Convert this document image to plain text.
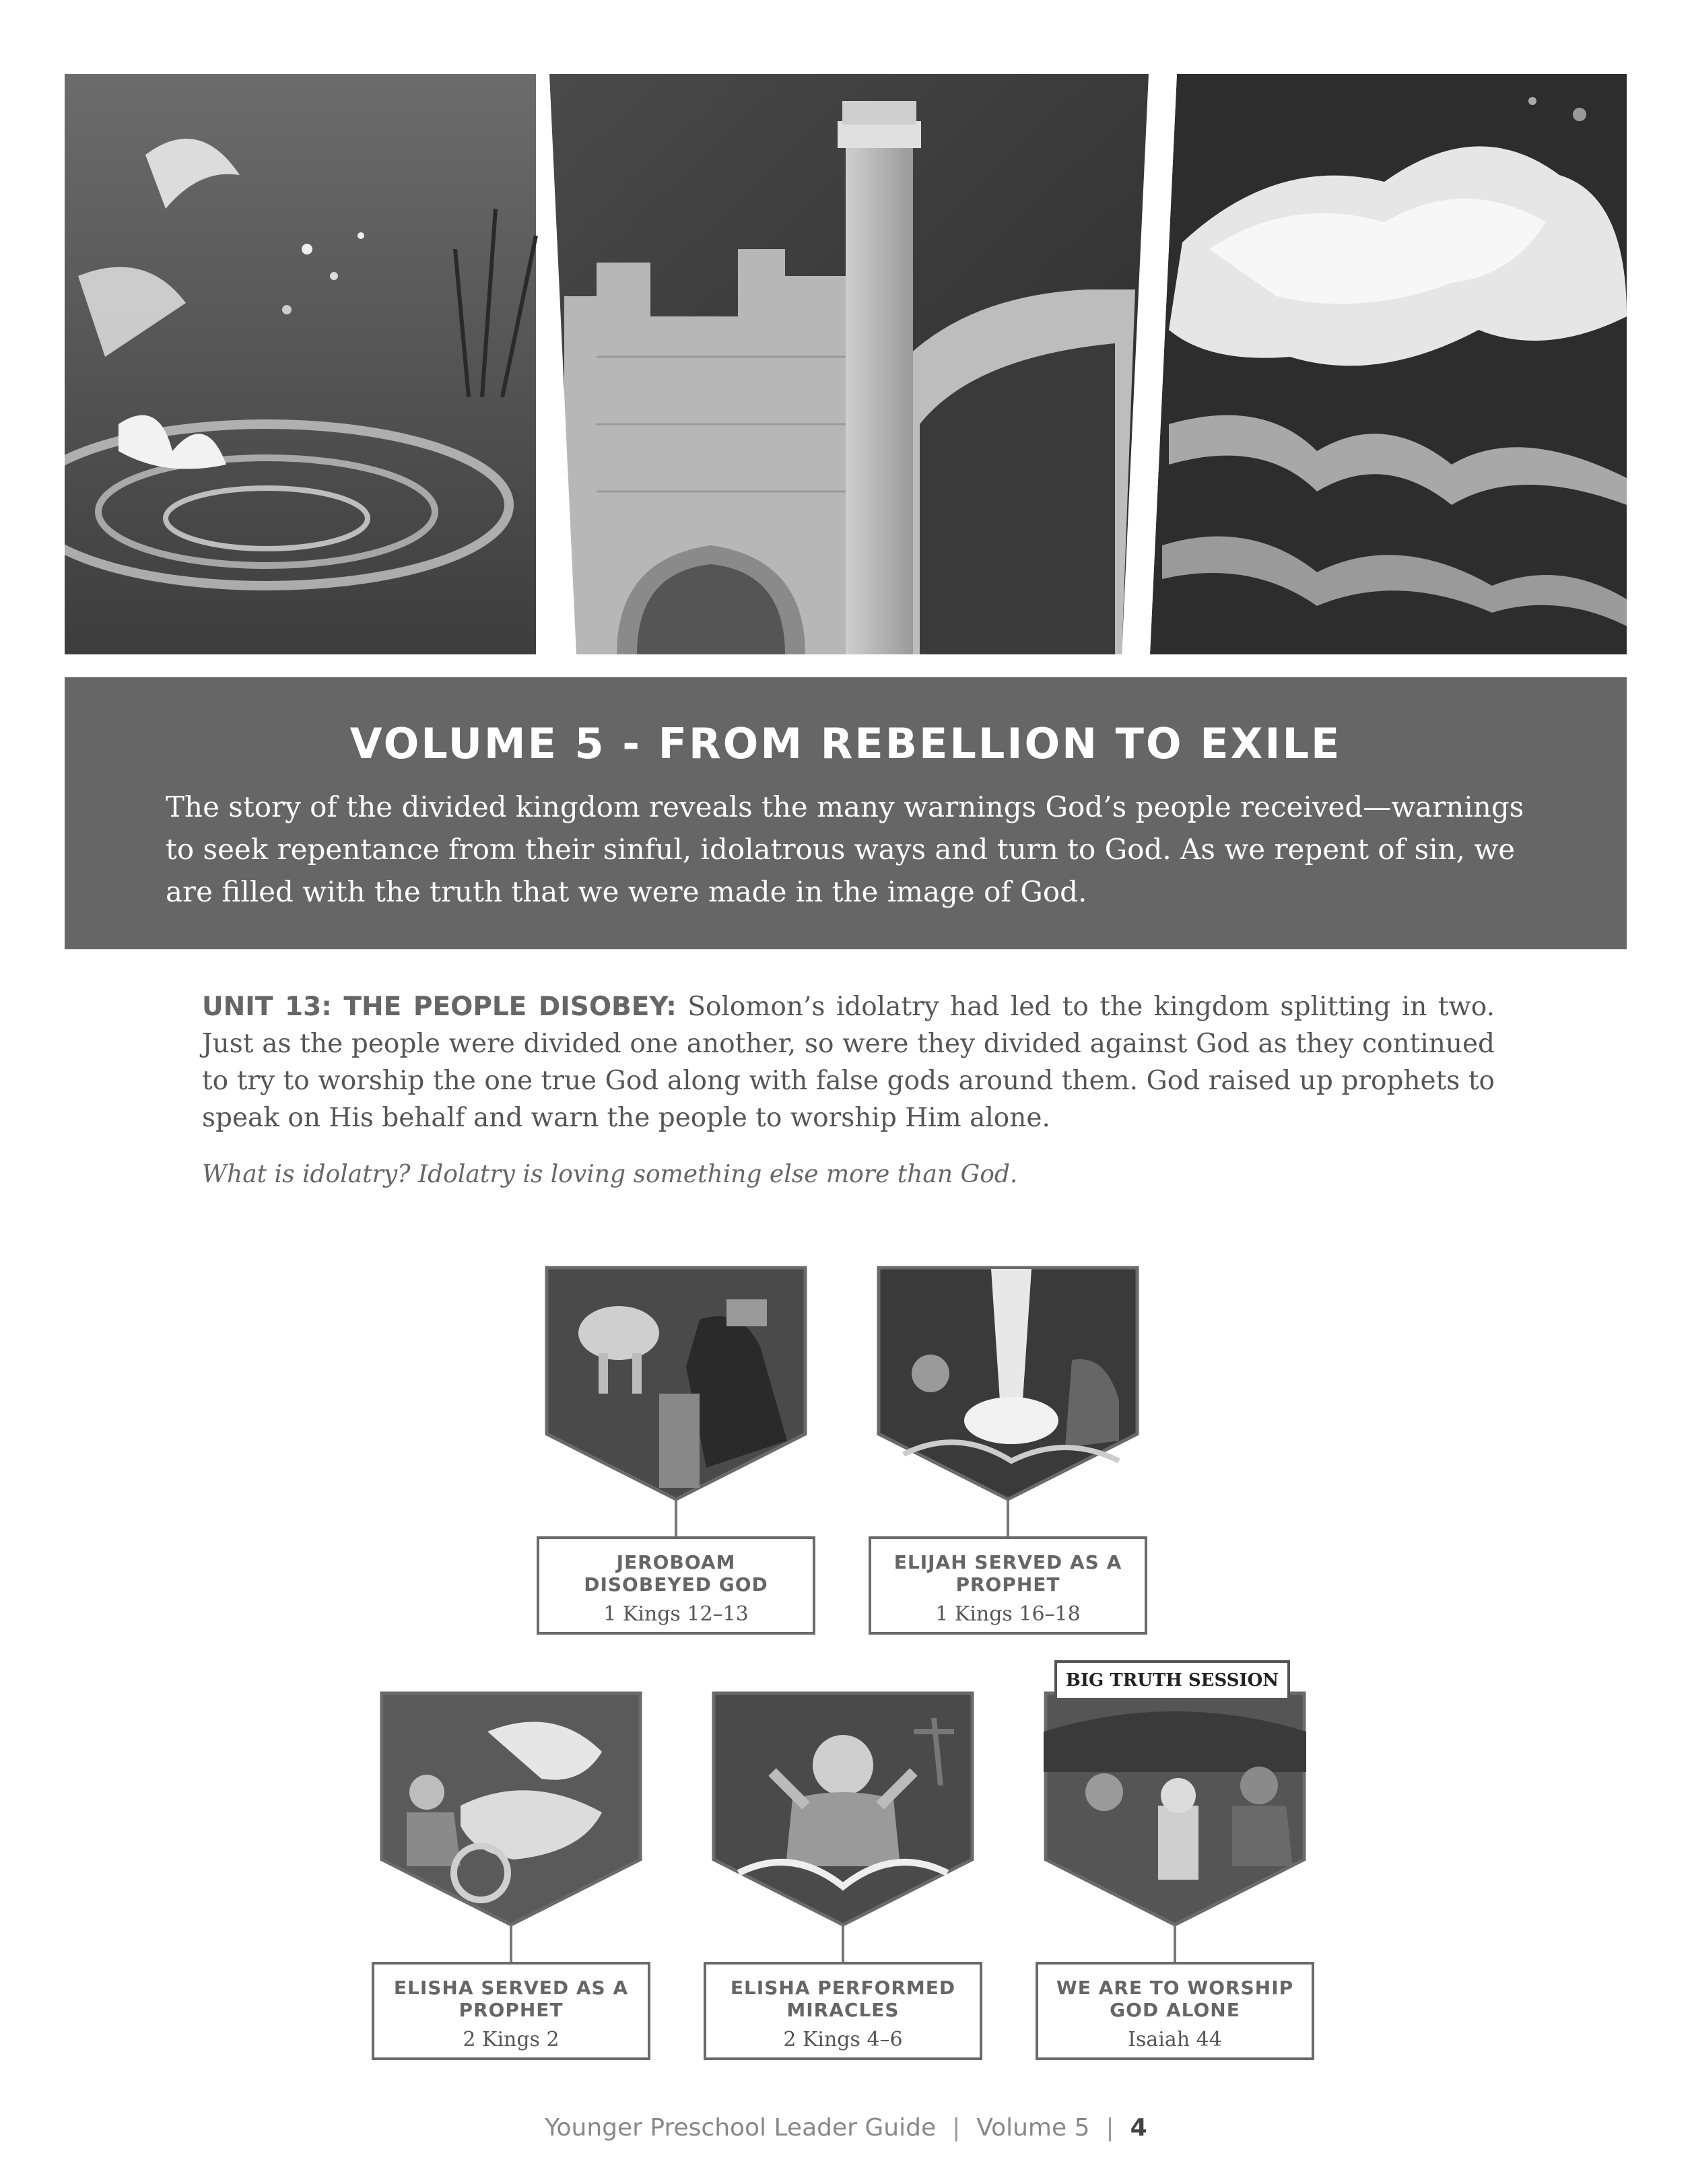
VOLUME 5 - FROM REBELLION TO EXILE

The story of the divided kingdom reveals the many warnings God’s people received—warnings to seek repentance from their sinful, idolatrous ways and turn to God. As we repent of sin, we are filled with the truth that we were made in the image of God.

UNIT 13: THE PEOPLE DISOBEY: Solomon’s idolatry had led to the kingdom splitting in two. Just as the people were divided one another, so were they divided against God as they continued to try to worship the one true God along with false gods around them. God raised up prophets to speak on His behalf and warn the people to worship Him alone.

What is idolatry? Idolatry is loving something else more than God.

JEROBOAM DISOBEYED GOD
1 Kings 12–13
ELIJAH SERVED AS A PROPHET
1 Kings 16–18
ELISHA SERVED AS A PROPHET
2 Kings 2
ELISHA PERFORMED MIRACLES
2 Kings 4–6
BIG TRUTH SESSION
WE ARE TO WORSHIP GOD ALONE
Isaiah 44
Younger Preschool Leader Guide | Volume 5 | 4
